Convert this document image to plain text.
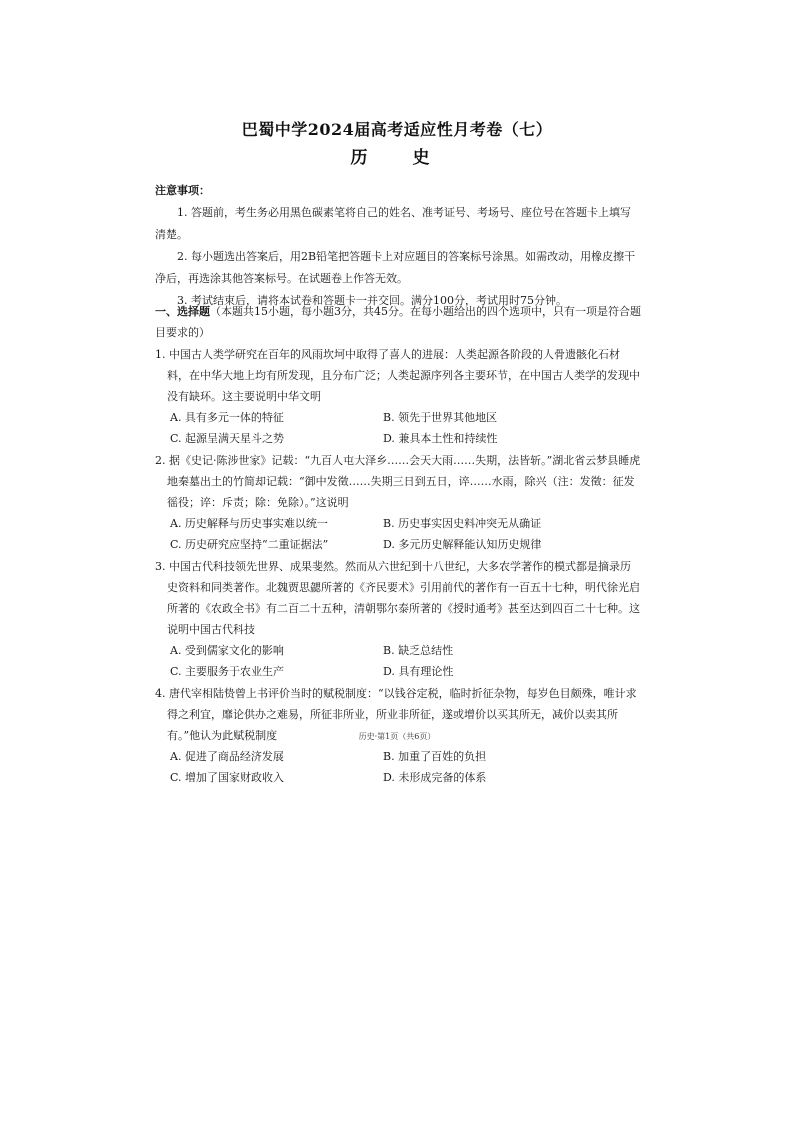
巴蜀中学2024届高考适应性月考卷（七）
历　史
注意事项：
1. 答题前，考生务必用黑色碳素笔将自己的姓名、准考证号、考场号、座位号在答题卡上填写清楚。
2. 每小题选出答案后，用2B铅笔把答题卡上对应题目的答案标号涂黑。如需改动，用橡皮擦干净后，再选涂其他答案标号。在试题卷上作答无效。
3. 考试结束后，请将本试卷和答题卡一并交回。满分100分，考试用时75分钟。
一、选择题（本题共15小题，每小题3分，共45分。在每小题给出的四个选项中，只有一项是符合题目要求的）
1. 中国古人类学研究在百年的风雨坎坷中取得了喜人的进展：人类起源各阶段的人骨遗骸化石材料，在中华大地上均有所发现，且分布广泛；人类起源序列各主要环节，在中国古人类学的发现中没有缺环。这主要说明中华文明
A. 具有多元一体的特征	B. 领先于世界其他地区
C. 起源呈满天星斗之势	D. 兼具本土性和持续性
2. 据《史记·陈涉世家》记载：“九百人屯大泽乡……会天大雨……失期，法皆斩。”湖北省云梦县睡虎地秦墓出土的竹简却记载：“御中发徵……失期三日到五日，谇……水雨，除兴（注：发徵：征发徭役；谇：斥责；除：免除）。”这说明
A. 历史解释与历史事实难以统一	B. 历史事实因史料冲突无从确证
C. 历史研究应坚持“二重证据法”	D. 多元历史解释能认知历史规律
3. 中国古代科技领先世界、成果斐然。然而从六世纪到十八世纪，大多农学著作的模式都是摘录历史资料和同类著作。北魏贾思勰所著的《齐民要术》引用前代的著作有一百五十七种，明代徐光启所著的《农政全书》有二百二十五种，清朝鄂尔泰所著的《授时通考》甚至达到四百二十七种。这说明中国古代科技
A. 受到儒家文化的影响	B. 缺乏总结性
C. 主要服务于农业生产	D. 具有理论性
4. 唐代宰相陆贽曾上书评价当时的赋税制度：“以钱谷定税，临时折征杂物，每岁色目颇殊，唯计求得之利宜，靡论供办之难易，所征非所业，所业非所征，遂或增价以买其所无，减价以卖其所有。”他认为此赋税制度
A. 促进了商品经济发展	B. 加重了百姓的负担
C. 增加了国家财政收入	D. 未形成完备的体系
历史·第1页（共6页）
